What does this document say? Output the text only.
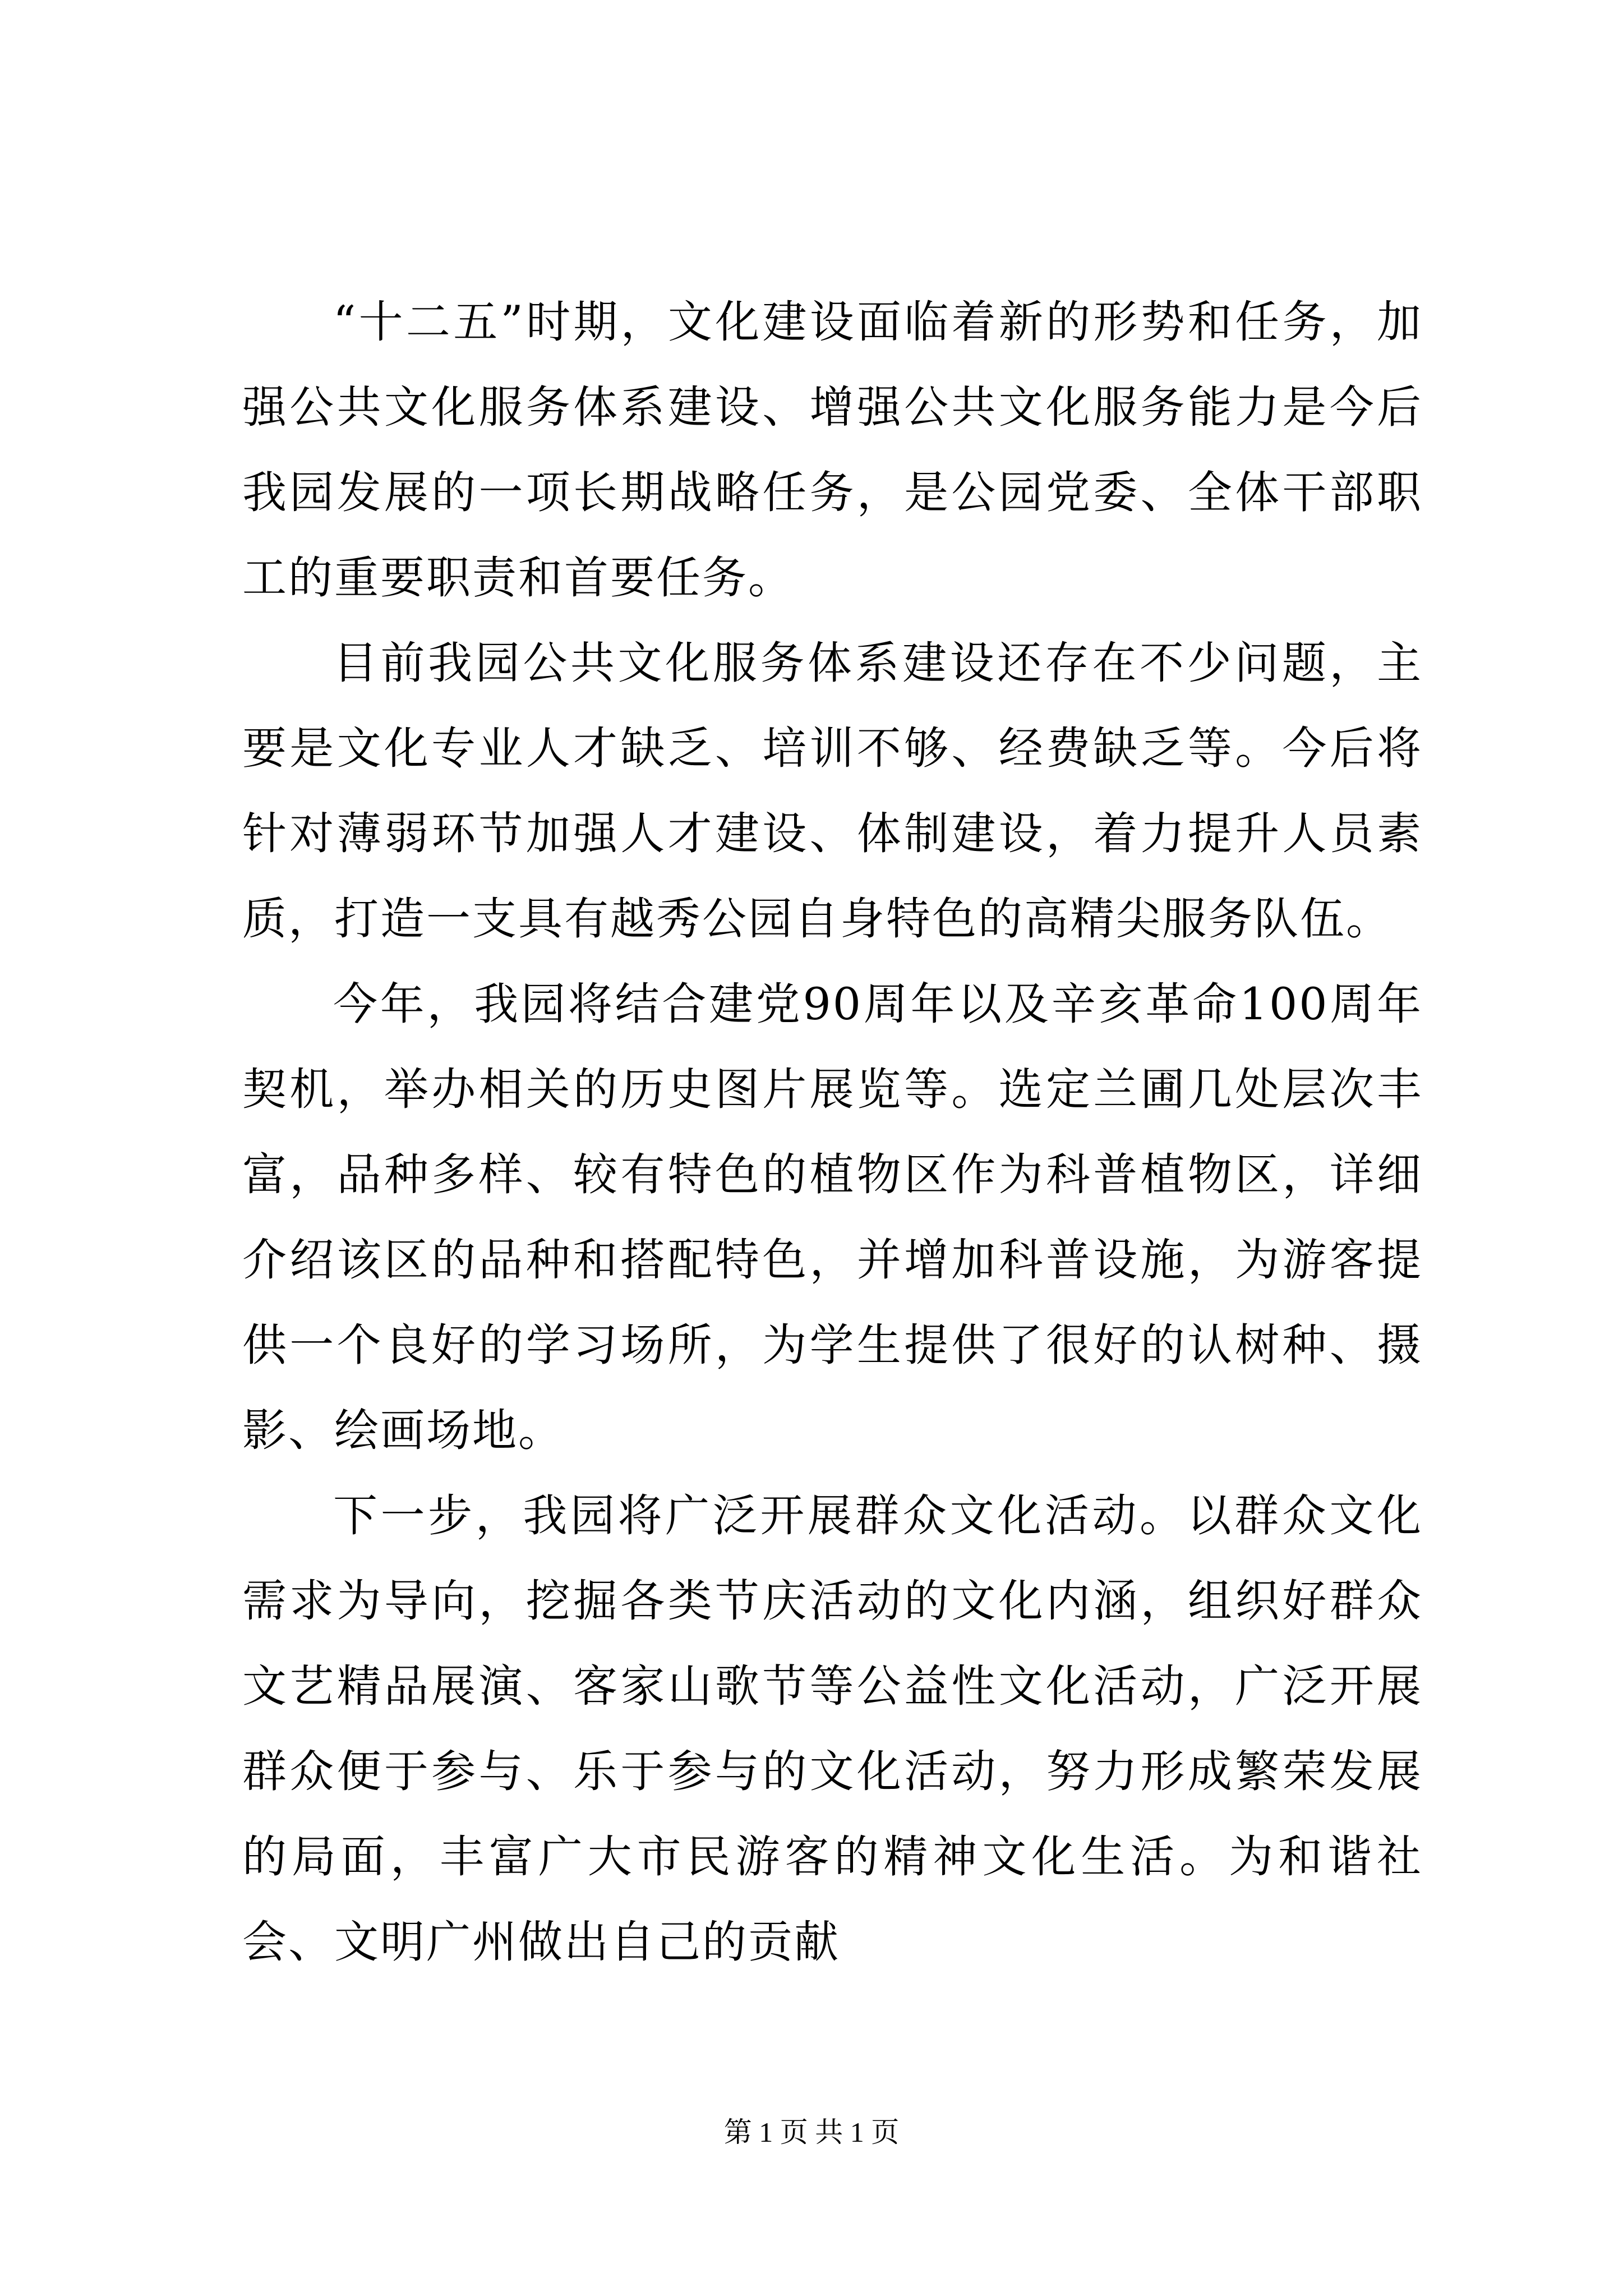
“十二五”时期，文化建设面临着新的形势和任务，加强公共文化服务体系建设、增强公共文化服务能力是今后我园发展的一项长期战略任务，是公园党委、全体干部职工的重要职责和首要任务。

目前我园公共文化服务体系建设还存在不少问题，主要是文化专业人才缺乏、培训不够、经费缺乏等。今后将针对薄弱环节加强人才建设、体制建设，着力提升人员素质，打造一支具有越秀公园自身特色的高精尖服务队伍。

今年，我园将结合建党90周年以及辛亥革命100周年契机，举办相关的历史图片展览等。选定兰圃几处层次丰富，品种多样、较有特色的植物区作为科普植物区，详细介绍该区的品种和搭配特色，并增加科普设施，为游客提供一个良好的学习场所，为学生提供了很好的认树种、摄影、绘画场地。

下一步，我园将广泛开展群众文化活动。以群众文化需求为导向，挖掘各类节庆活动的文化内涵，组织好群众文艺精品展演、客家山歌节等公益性文化活动，广泛开展群众便于参与、乐于参与的文化活动，努力形成繁荣发展的局面，丰富广大市民游客的精神文化生活。为和谐社会、文明广州做出自己的贡献

第 1 页 共 1 页
